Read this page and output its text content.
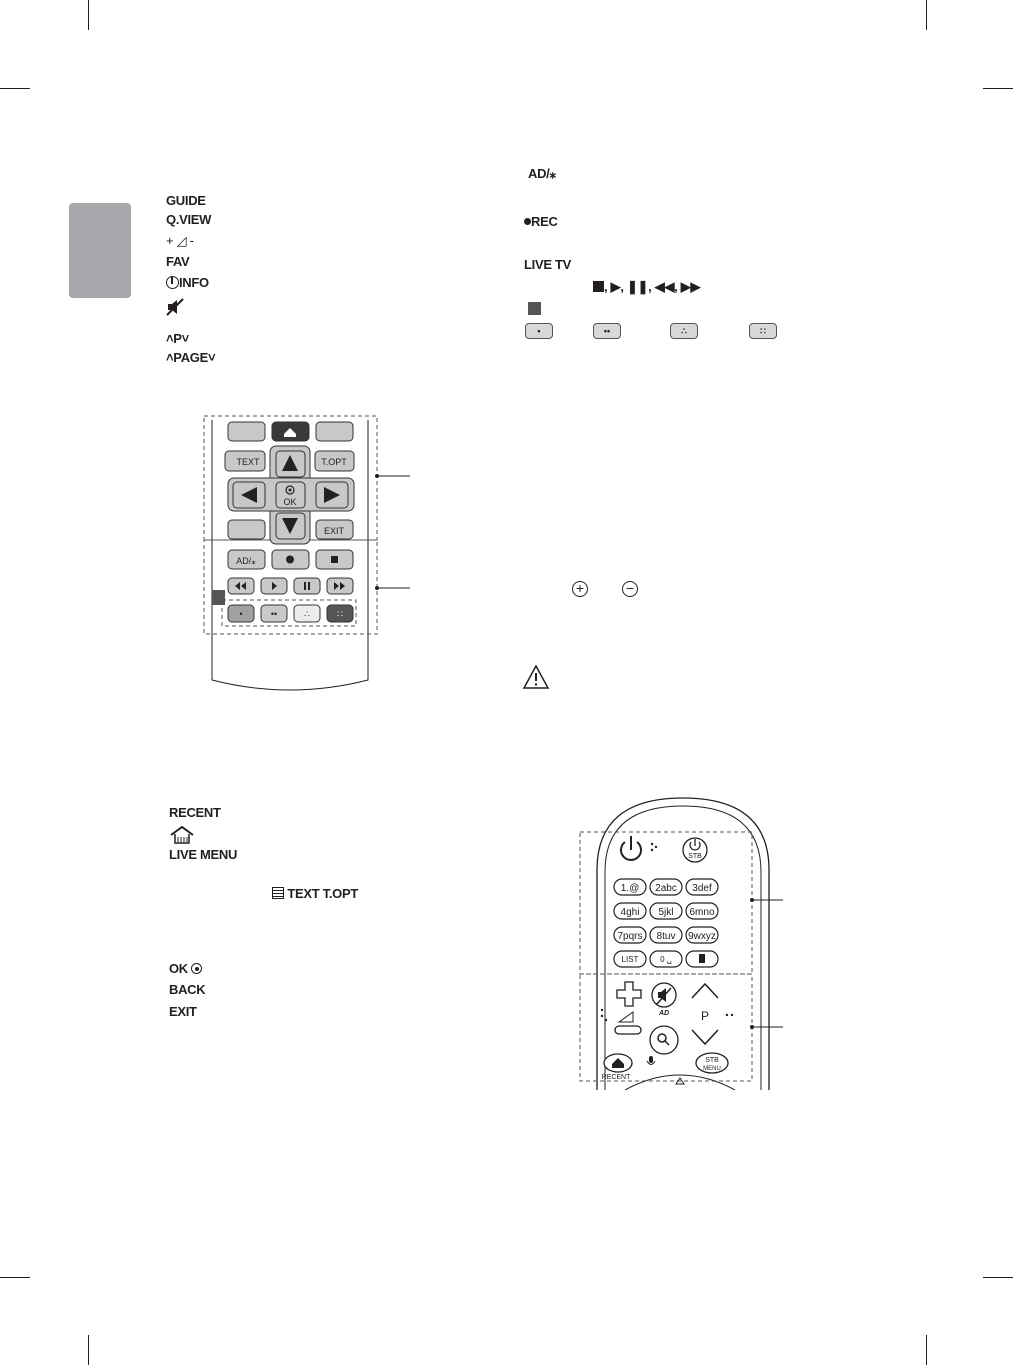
GUIDE
Q.VIEW
+ ◿ -
FAV
INFO
˄P˅
˄PAGE˅
AD/⁎
REC
LIVE TV
, ▶, ❚❚, ◀◀, ▶▶
•	••	∴	∷
+	−
TEXT	T.OPT
OK
EXIT
AD/⁎
•	••	∴	∷
RECENT
LIVE MENU
TEXT T.OPT
OK
BACK
EXIT
STB
1.@ 2abc 3def
4ghi 5jkl 6mno
7pqrs 8tuv 9wxyz
LIST	0 ␣
AD	P
RECENT
STB
MENU
